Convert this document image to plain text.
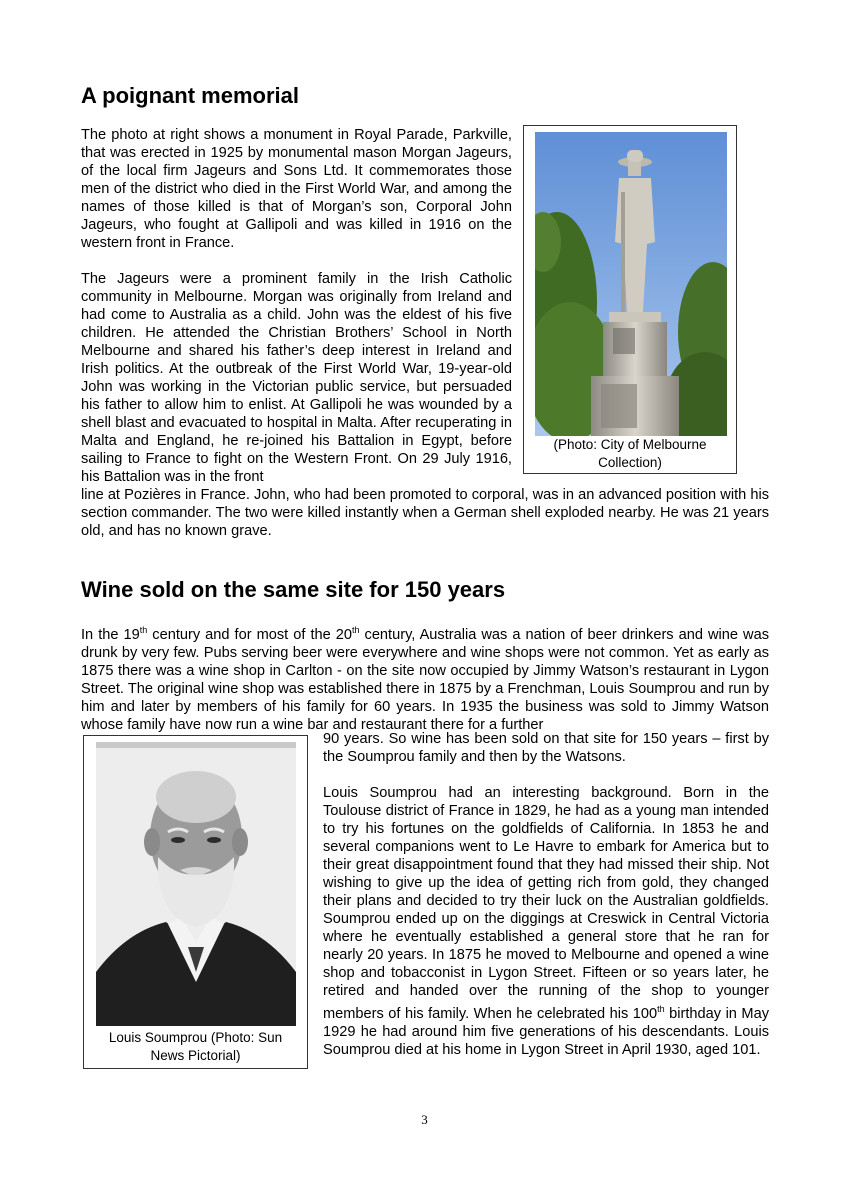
A poignant memorial

The photo at right shows a monument in Royal Parade, Parkville, that was erected in 1925 by monumental mason Morgan Jageurs, of the local firm Jageurs and Sons Ltd. It commemorates those men of the district who died in the First World War, and among the names of those killed is that of Morgan’s son, Corporal John Jageurs, who fought at Gallipoli and was killed in 1916 on the western front in France.

The Jageurs were a prominent family in the Irish Catholic community in Melbourne. Morgan was originally from Ireland and had come to Australia as a child. John was the eldest of his five children. He attended the Christian Brothers’ School in North Melbourne and shared his father’s deep interest in Ireland and Irish politics. At the outbreak of the First World War, 19-year-old John was working in the Victorian public service, but persuaded his father to allow him to enlist. At Gallipoli he was wounded by a shell blast and evacuated to hospital in Malta. After recuperating in Malta and England, he re-joined his Battalion in Egypt, before sailing to France to fight on the Western Front. On 29 July 1916, his Battalion was in the front

line at Pozières in France. John, who had been promoted to corporal, was in an advanced position with his section commander. The two were killed instantly when a German shell exploded nearby. He was 21 years old, and has no known grave.

(Photo: City of Melbourne Collection)
Wine sold on the same site for 150 years

In the 19th century and for most of the 20th century, Australia was a nation of beer drinkers and wine was drunk by very few. Pubs serving beer were everywhere and wine shops were not common. Yet as early as 1875 there was a wine shop in Carlton - on the site now occupied by Jimmy Watson’s restaurant in Lygon Street. The original wine shop was established there in 1875 by a Frenchman, Louis Soumprou and run by him and later by members of his family for 60 years. In 1935 the business was sold to Jimmy Watson whose family have now run a wine bar and restaurant there for a further

90 years. So wine has been sold on that site for 150 years – first by the Soumprou family and then by the Watsons.

Louis Soumprou had an interesting background. Born in the Toulouse district of France in 1829, he had as a young man intended to try his fortunes on the goldfields of California. In 1853 he and several companions went to Le Havre to embark for America but to their great disappointment found that they had missed their ship. Not wishing to give up the idea of getting rich from gold, they changed their plans and decided to try their luck on the Australian goldfields. Soumprou ended up on the diggings at Creswick in Central Victoria where he eventually established a general store that he ran for nearly 20 years. In 1875 he moved to Melbourne and opened a wine shop and tobacconist in Lygon Street. Fifteen or so years later, he retired and handed over the running of the shop to younger members of his family. When he celebrated his 100th birthday in May 1929 he had around him five generations of his descendants. Louis Soumprou died at his home in Lygon Street in April 1930, aged 101.

Louis Soumprou (Photo: Sun News Pictorial)
3
